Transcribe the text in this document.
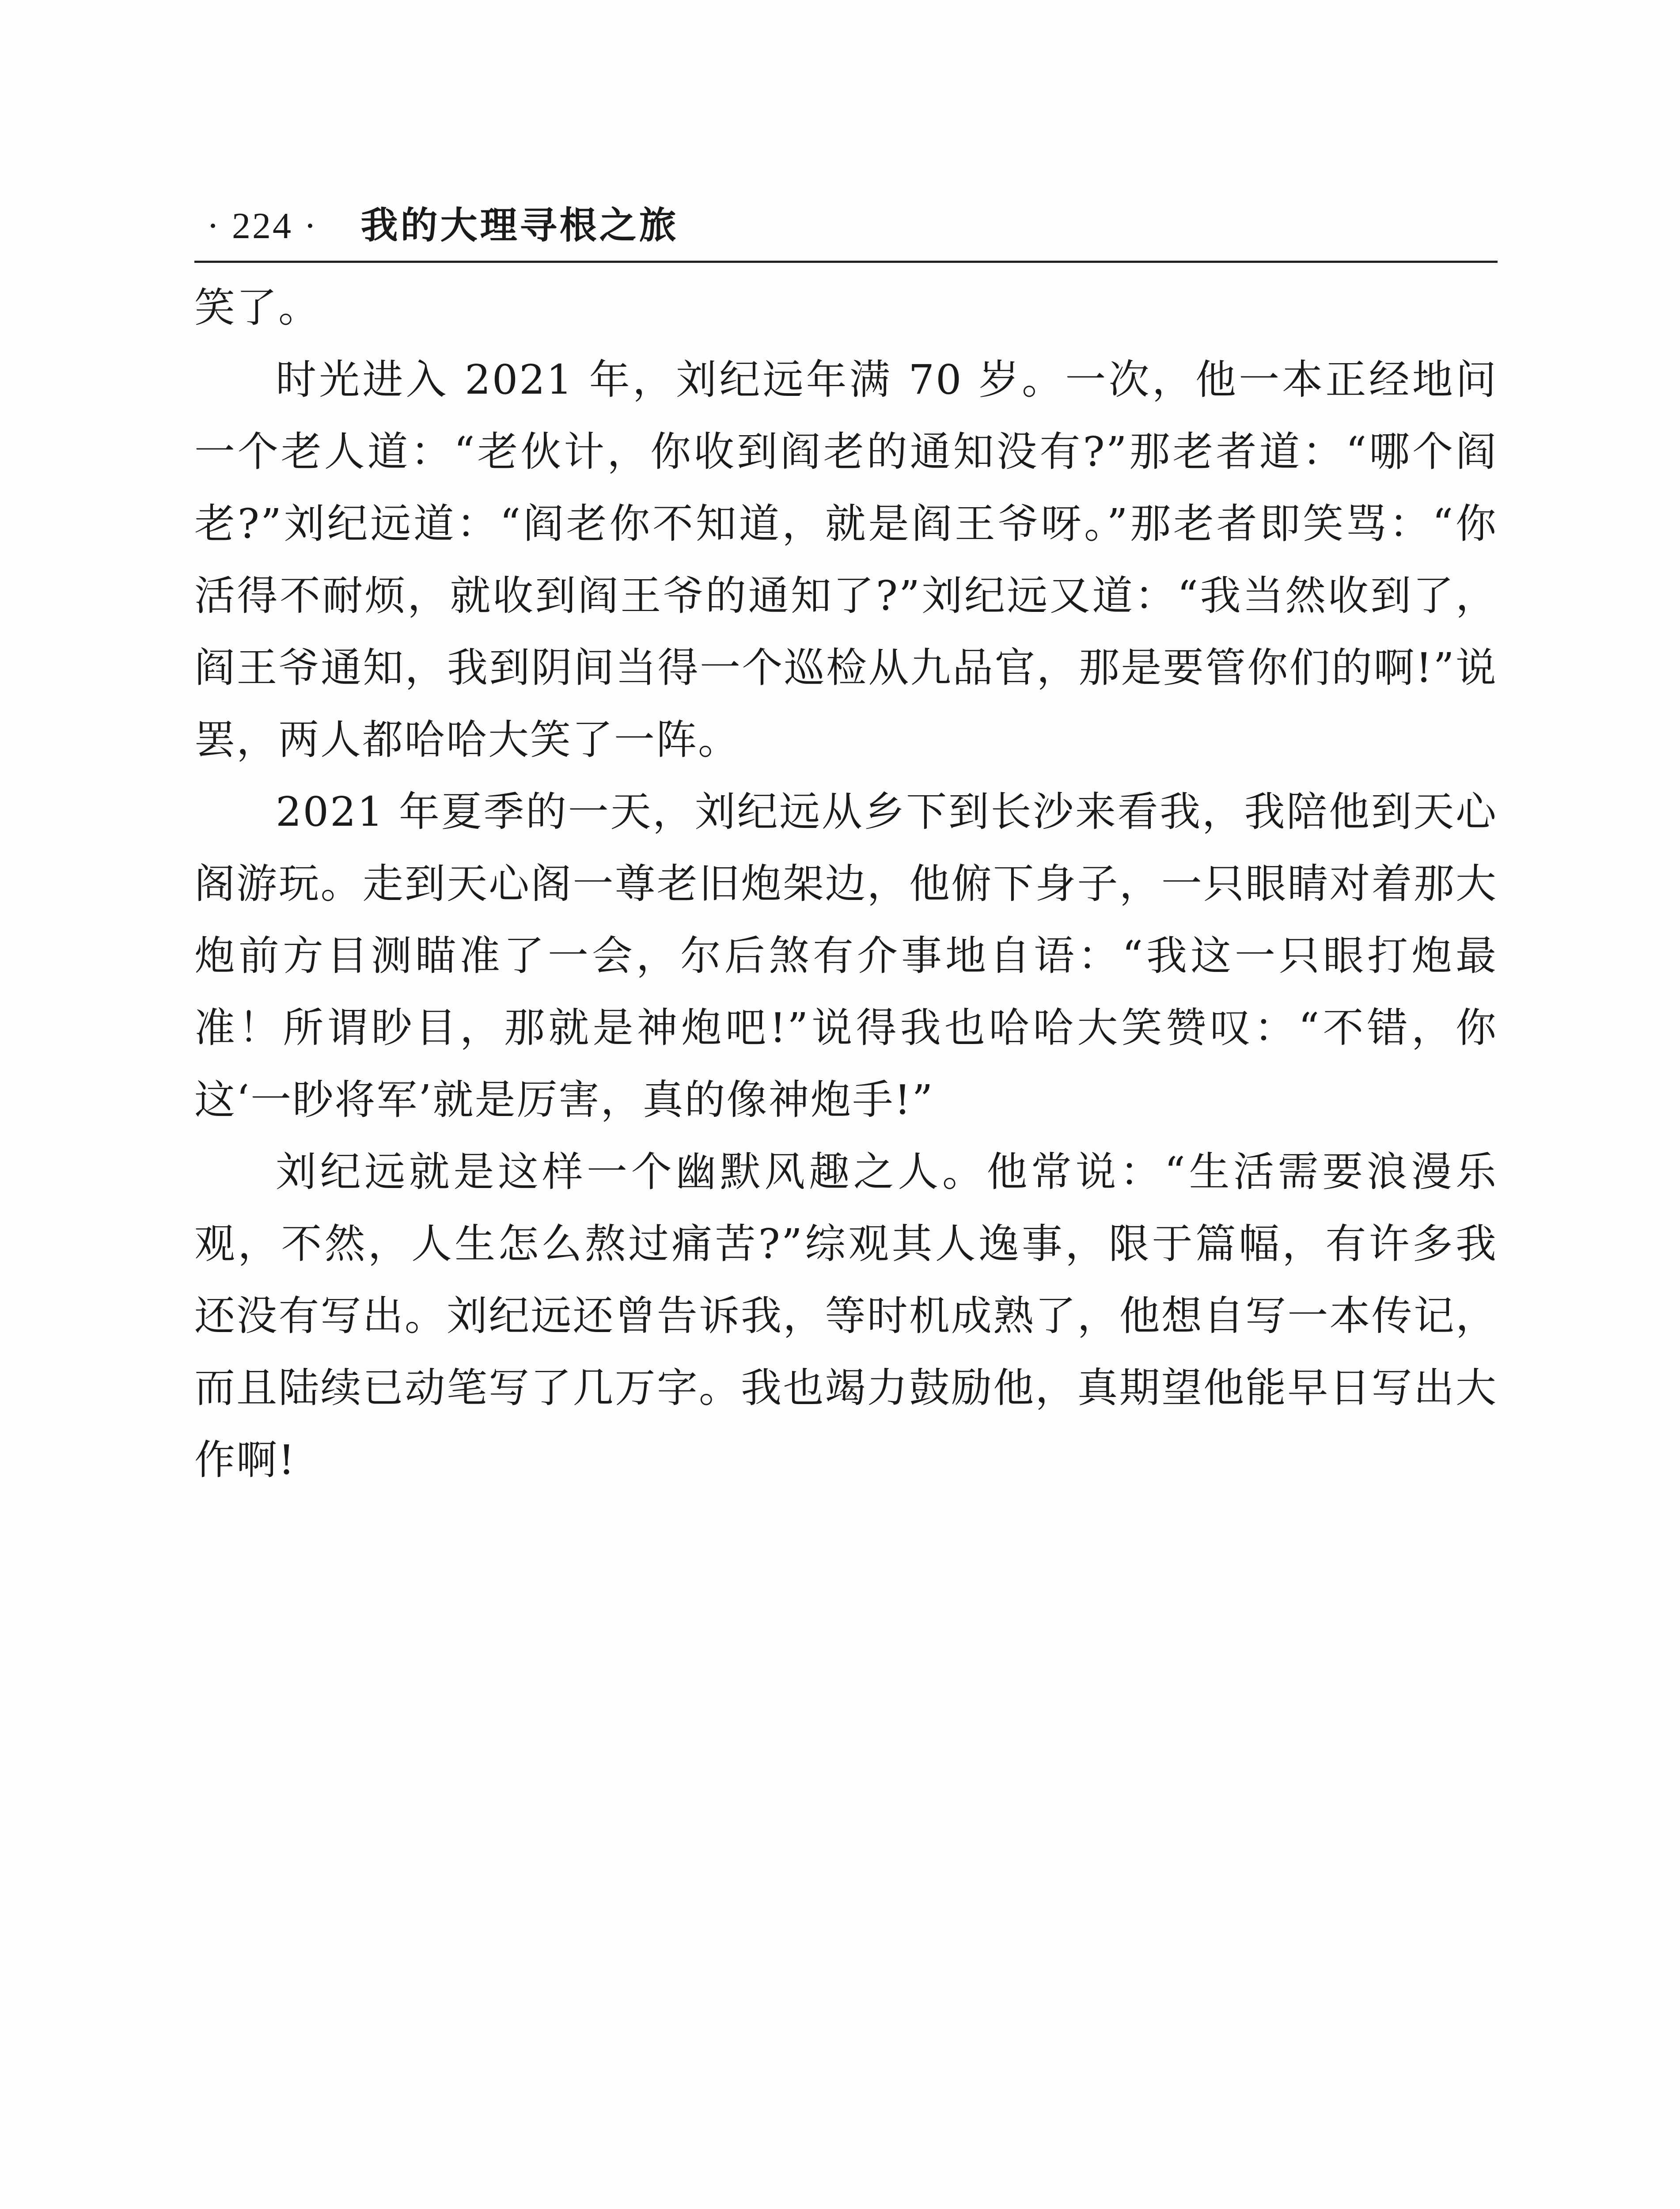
· 224 · 我的大理寻根之旅

笑了。

时光进入 2021 年，刘纪远年满 70 岁。一次，他一本正经地问一个老人道：“老伙计，你收到阎老的通知没有?”那老者道：“哪个阎老?”刘纪远道：“阎老你不知道，就是阎王爷呀。”那老者即笑骂：“你活得不耐烦，就收到阎王爷的通知了?”刘纪远又道：“我当然收到了，阎王爷通知，我到阴间当得一个巡检从九品官，那是要管你们的啊!”说罢，两人都哈哈大笑了一阵。

2021 年夏季的一天，刘纪远从乡下到长沙来看我，我陪他到天心阁游玩。走到天心阁一尊老旧炮架边，他俯下身子，一只眼睛对着那大炮前方目测瞄准了一会，尔后煞有介事地自语：“我这一只眼打炮最准！所谓眇目，那就是神炮吧!”说得我也哈哈大笑赞叹：“不错，你这‘一眇将军’就是厉害，真的像神炮手!”

刘纪远就是这样一个幽默风趣之人。他常说：“生活需要浪漫乐观，不然，人生怎么熬过痛苦?”综观其人逸事，限于篇幅，有许多我还没有写出。刘纪远还曾告诉我，等时机成熟了，他想自写一本传记，而且陆续已动笔写了几万字。我也竭力鼓励他，真期望他能早日写出大作啊!
